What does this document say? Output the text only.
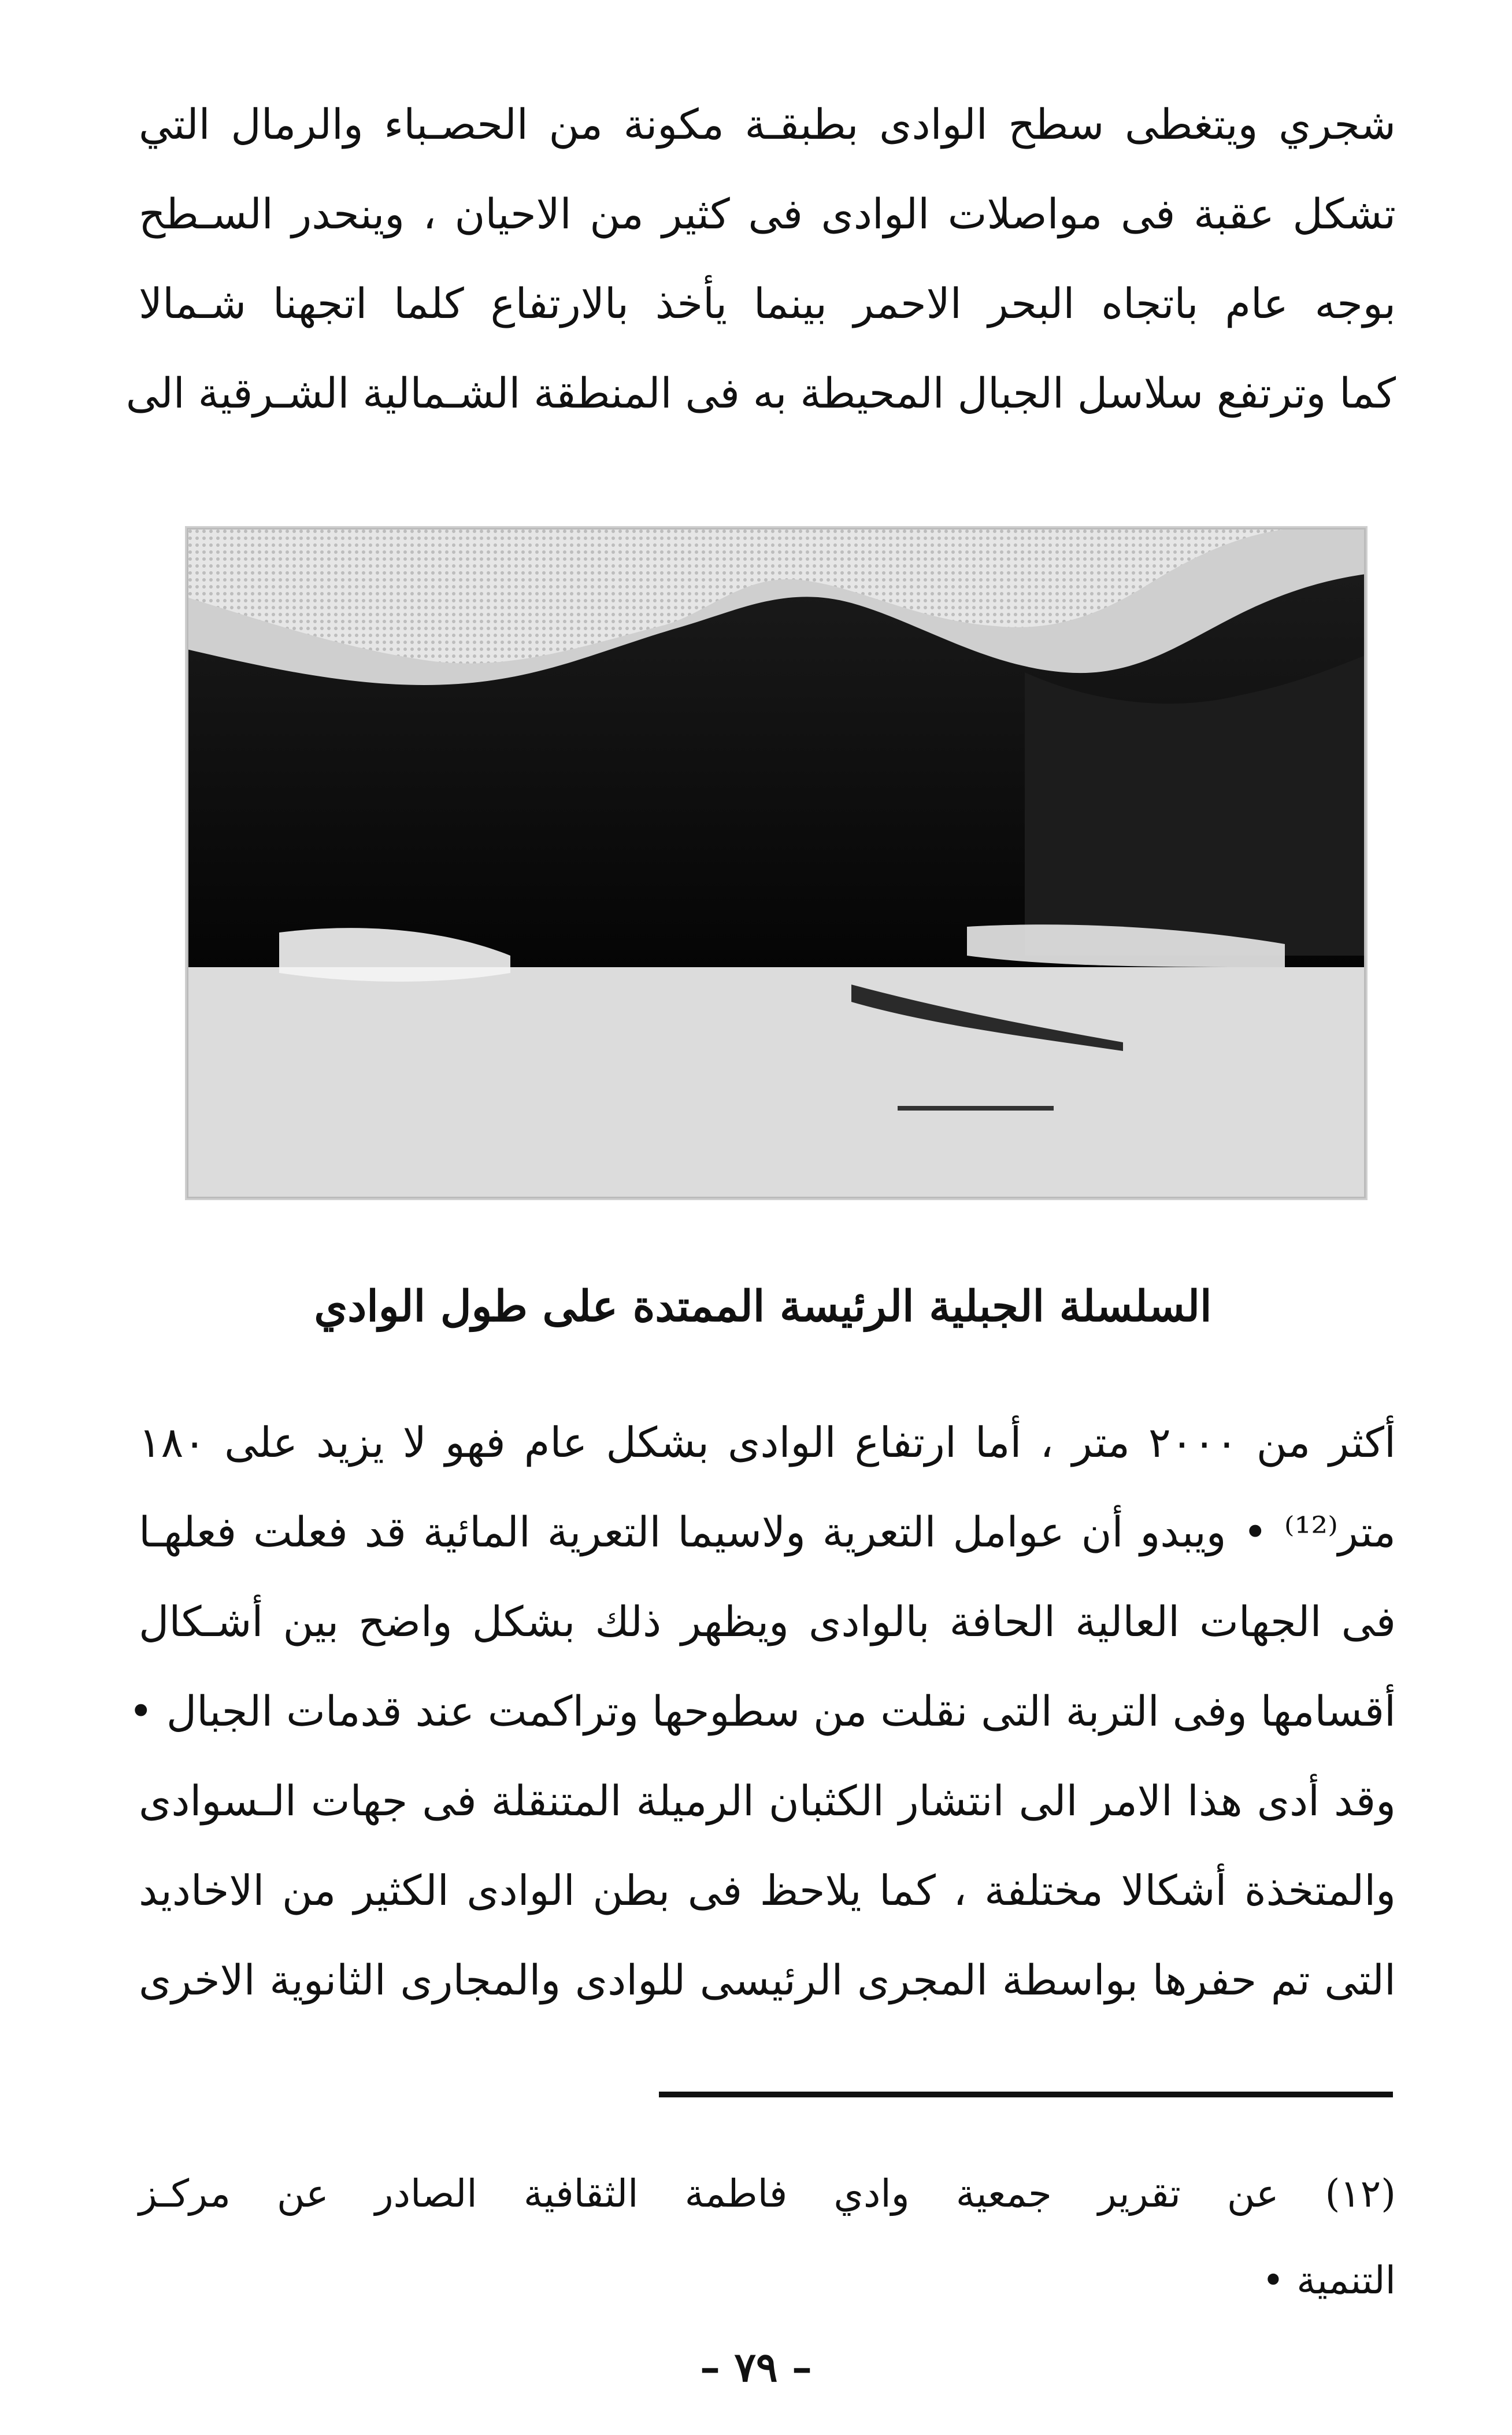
شجري ويتغطى سطح الوادى بطبقـة مكونة من الحصـباء والرمال التي
تشكل عقبة فى مواصلات الوادى فى كثير من الاحيان ، وينحدر السـطح
بوجه عام باتجاه البحر الاحمر بينما يأخذ بالارتفاع كلما اتجهنا شـمالا
كما وترتفع سلاسل الجبال المحيطة به فى المنطقة الشـمالية الشـرقية الى
السلسلة الجبلية الرئيسة الممتدة على طول الوادي
أكثر من ٢٠٠٠ متر ، أما ارتفاع الوادى بشكل عام فهو لا يزيد على ١٨٠
متر⁽¹²⁾ • ويبدو أن عوامل التعرية ولاسيما التعرية المائية قد فعلت فعلهـا
فى الجهات العالية الحافة بالوادى ويظهر ذلك بشكل واضح بين أشـكال
أقسامها وفى التربة التى نقلت من سطوحها وتراكمت عند قدمات الجبال •
وقد أدى هذا الامر الى انتشار الكثبان الرميلة المتنقلة فى جهات الـسوادى
والمتخذة أشكالا مختلفة ، كما يلاحظ فى بطن الوادى الكثير من الاخاديد
التى تم حفرها بواسطة المجرى الرئيسى للوادى والمجارى الثانوية الاخرى
(١٢) عن تقرير جمعية وادي فاطمة الثقافية الصادر عن مركـز
التنمية •
– ٧٩ –
